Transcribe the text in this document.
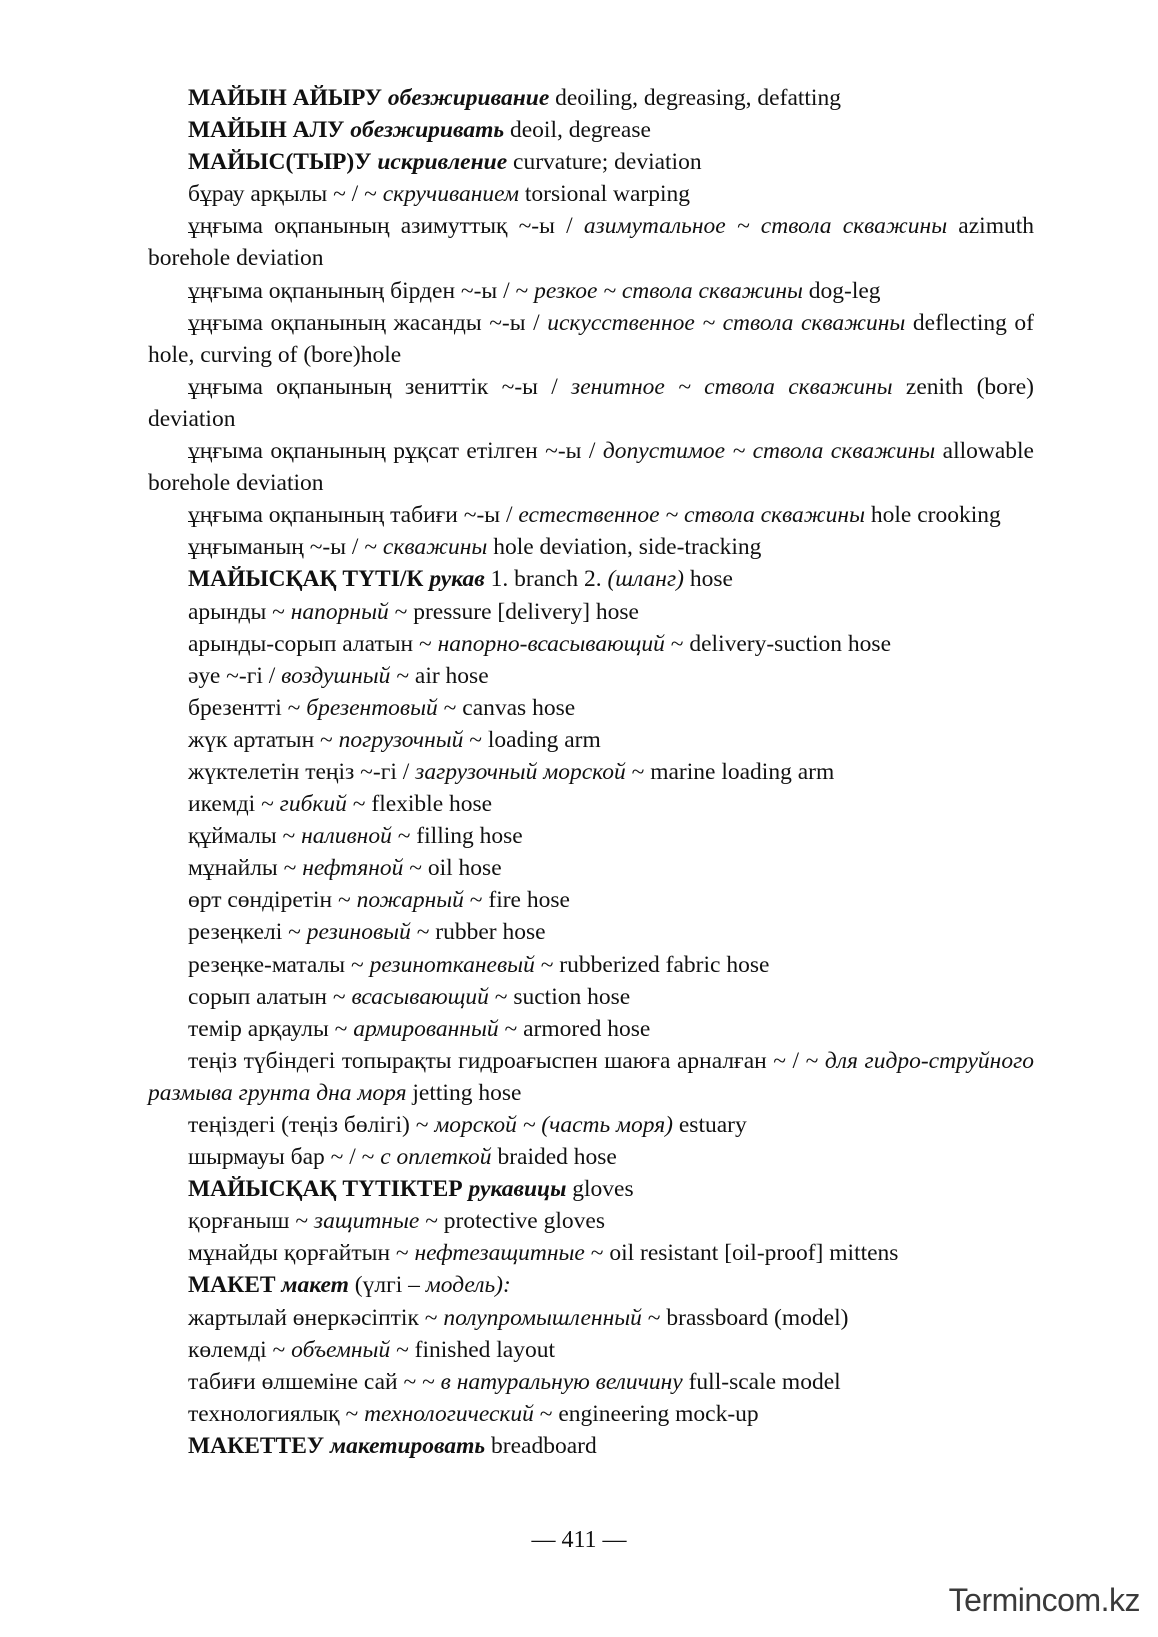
МАЙЫН АЙЫРУ обезжиривание deoiling, degreasing, defatting

МАЙЫН АЛУ обезжиривать deoil, degrease

МАЙЫС(ТЫР)У искривление curvature; deviation

бұрау арқылы ~ / ~ скручиванием torsional warping

ұңғыма оқпанының азимуттық ~-ы / азимутальное ~ ствола скважины azimuth borehole deviation

ұңғыма оқпанының бірден ~-ы / ~ резкое ~ ствола скважины dog-leg

ұңғыма оқпанының жасанды ~-ы / искусственное ~ ствола скважины deflecting of hole, curving of (bore)hole

ұңғыма оқпанының зениттік ~-ы / зенитное ~ ствола скважины zenith (bore) deviation

ұңғыма оқпанының рұқсат етілген ~-ы / допустимое ~ ствола скважины allowable borehole deviation

ұңғыма оқпанының табиғи ~-ы / естественное ~ ствола скважины hole crooking

ұңғыманың ~-ы / ~ скважины hole deviation, side-tracking

МАЙЫСҚАҚ ТҮТІ/К рукав 1. branch 2. (шланг) hose

арынды ~ напорный ~ pressure [delivery] hose

арынды-сорып алатын ~ напорно-всасывающий ~ delivery-suction hose

әуе ~-гі / воздушный ~ air hose

брезентті ~ брезентовый ~ canvas hose

жүк артатын ~ погрузочный ~ loading arm

жүктелетін теңіз ~-гі / загрузочный морской ~ marine loading arm

икемді ~ гибкий ~ flexible hose

құймалы ~ наливной ~ filling hose

мұнайлы ~ нефтяной ~ oil hose

өрт сөндіретін ~ пожарный ~ fire hose

резеңкелі ~ резиновый ~ rubber hose

резеңке-маталы ~ резинотканевый ~ rubberized fabric hose

сорып алатын ~ всасывающий ~ suction hose

темір арқаулы ~ армированный ~ armored hose

теңіз түбіндегі топырақты гидроағыспен шаюға арналған ~ / ~ для гидро-струйного размыва грунта дна моря jetting hose

теңіздегі (теңіз бөлігі) ~ морской ~ (часть моря) estuary

шырмауы бар ~ / ~ с оплеткой braided hose

МАЙЫСҚАҚ ТҮТІКТЕР рукавицы gloves

қорғаныш ~ защитные ~ protective gloves

мұнайды қорғайтын ~ нефтезащитные ~ oil resistant [oil-proof] mittens

МАКЕТ макет (үлгі – модель):

жартылай өнеркәсіптік ~ полупромышленный ~ brassboard (model)

көлемді ~ объемный ~ finished layout

табиғи өлшеміне сай ~ ~ в натуральную величину full-scale model

технологиялық ~ технологический ~ engineering mock-up

МАКЕТТЕУ макетировать breadboard

— 411 —
Termincom.kz
